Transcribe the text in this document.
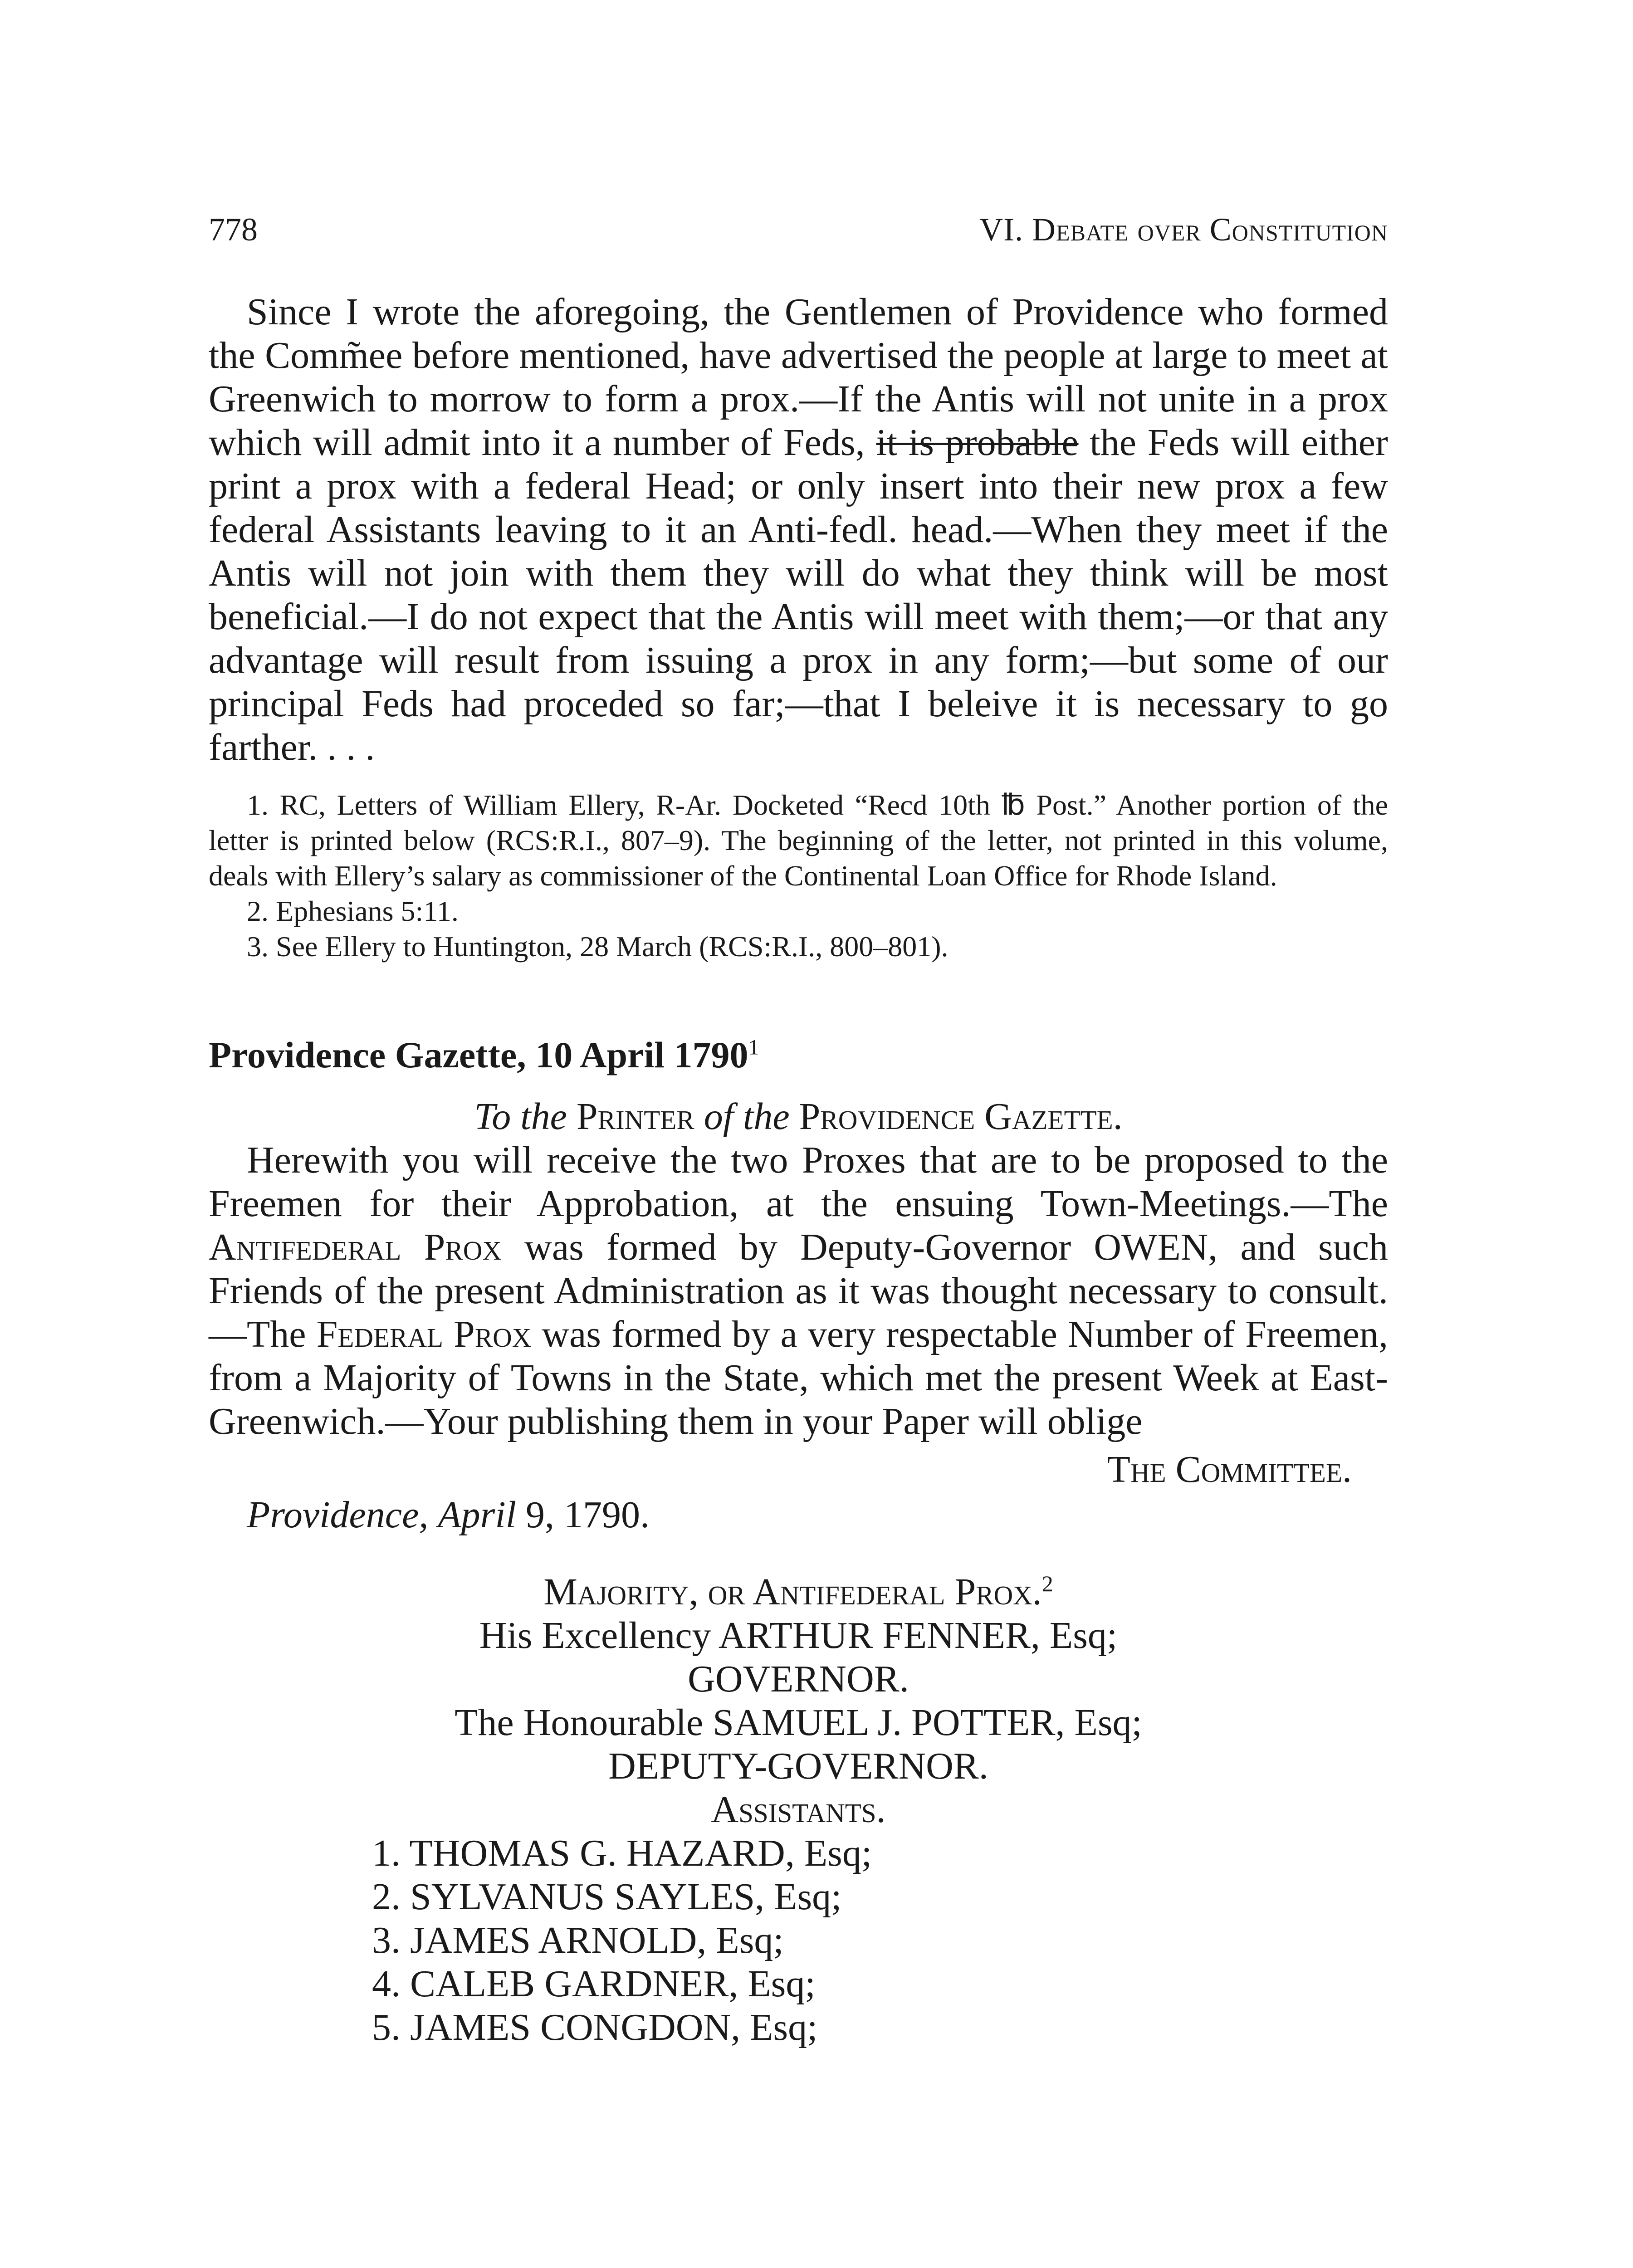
778	VI. Debate over Constitution

Since I wrote the aforegoing, the Gentlemen of Providence who formed the Comm̃ee before mentioned, have advertised the people at large to meet at Greenwich to morrow to form a prox.—If the Antis will not unite in a prox which will admit into it a number of Feds, it is probable the Feds will either print a prox with a federal Head; or only insert into their new prox a few federal Assistants leaving to it an Anti-fedl. head.—When they meet if the Antis will not join with them they will do what they think will be most beneficial.—I do not expect that the Antis will meet with them;—or that any advantage will result from issuing a prox in any form;—but some of our principal Feds had proceded so far;—that I beleive it is necessary to go farther. . . .

1. RC, Letters of William Ellery, R-Ar. Docketed “Recd 10th ℔ Post.” Another portion of the letter is printed below (RCS:R.I., 807–9). The beginning of the letter, not printed in this volume, deals with Ellery’s salary as commissioner of the Continental Loan Office for Rhode Island.

2. Ephesians 5:11.

3. See Ellery to Huntington, 28 March (RCS:R.I., 800–801).

Providence Gazette, 10 April 1790$^1$
To the Printer of the Providence Gazette.

Herewith you will receive the two Proxes that are to be proposed to the Freemen for their Approbation, at the ensuing Town-Meetings.—The Antifederal Prox was formed by Deputy-Governor OWEN, and such Friends of the present Administration as it was thought necessary to consult.—The Federal Prox was formed by a very respectable Number of Freemen, from a Majority of Towns in the State, which met the present Week at East-Greenwich.—Your publishing them in your Paper will oblige

The Committee.
Providence, April 9, 1790.
Majority, or Antifederal Prox.$^2$
His Excellency ARTHUR FENNER, Esq;
GOVERNOR.
The Honourable SAMUEL J. POTTER, Esq;
DEPUTY-GOVERNOR.
Assistants.
1. THOMAS G. HAZARD, Esq;
2. SYLVANUS SAYLES, Esq;
3. JAMES ARNOLD, Esq;
4. CALEB GARDNER, Esq;
5. JAMES CONGDON, Esq;
